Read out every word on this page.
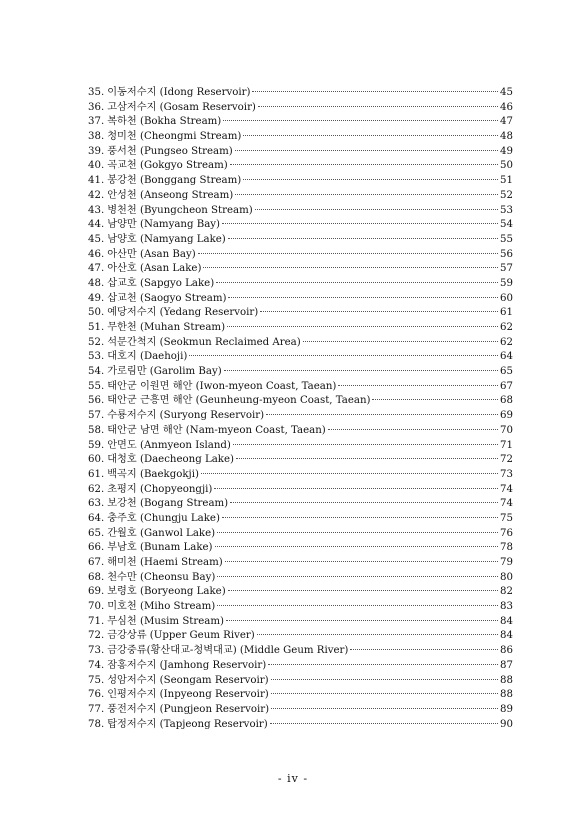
35. 이동저수지 (Idong Reservoir)	45
36. 고삼저수지 (Gosam Reservoir)	46
37. 복하천 (Bokha Stream)	47
38. 청미천 (Cheongmi Stream)	48
39. 풍서천 (Pungseo Stream)	49
40. 곡교천 (Gokgyo Stream)	50
41. 봉강천 (Bonggang Stream)	51
42. 안성천 (Anseong Stream)	52
43. 병천천 (Byungcheon Stream)	53
44. 남양만 (Namyang Bay)	54
45. 남양호 (Namyang Lake)	55
46. 아산만 (Asan Bay)	56
47. 아산호 (Asan Lake)	57
48. 삽교호 (Sapgyo Lake)	59
49. 삽교천 (Saogyo Stream)	60
50. 예당저수지 (Yedang Reservoir)	61
51. 무한천 (Muhan Stream)	62
52. 석문간척지 (Seokmun Reclaimed Area)	62
53. 대호지 (Daehoji)	64
54. 가로림만 (Garolim Bay)	65
55. 태안군 이원면 해안 (Iwon-myeon Coast, Taean)	67
56. 태안군 근흥면 해안 (Geunheung-myeon Coast, Taean)	68
57. 수룡저수지 (Suryong Reservoir)	69
58. 태안군 남면 해안 (Nam-myeon Coast, Taean)	70
59. 안면도 (Anmyeon Island)	71
60. 대청호 (Daecheong Lake)	72
61. 백곡지 (Baekgokji)	73
62. 초평지 (Chopyeongji)	74
63. 보강천 (Bogang Stream)	74
64. 충주호 (Chungju Lake)	75
65. 간월호 (Ganwol Lake)	76
66. 부남호 (Bunam Lake)	78
67. 해미천 (Haemi Stream)	79
68. 천수만 (Cheonsu Bay)	80
69. 보령호 (Boryeong Lake)	82
70. 미호천 (Miho Stream)	83
71. 무심천 (Musim Stream)	84
72. 금강상류 (Upper Geum River)	84
73. 금강중류(황산대교-청벽대교) (Middle Geum River)	86
74. 잠홍저수지 (Jamhong Reservoir)	87
75. 성암저수지 (Seongam Reservoir)	88
76. 인평저수지 (Inpyeong Reservoir)	88
77. 풍전저수지 (Pungjeon Reservoir)	89
78. 탑정저수지 (Tapjeong Reservoir)	90
- iv -
